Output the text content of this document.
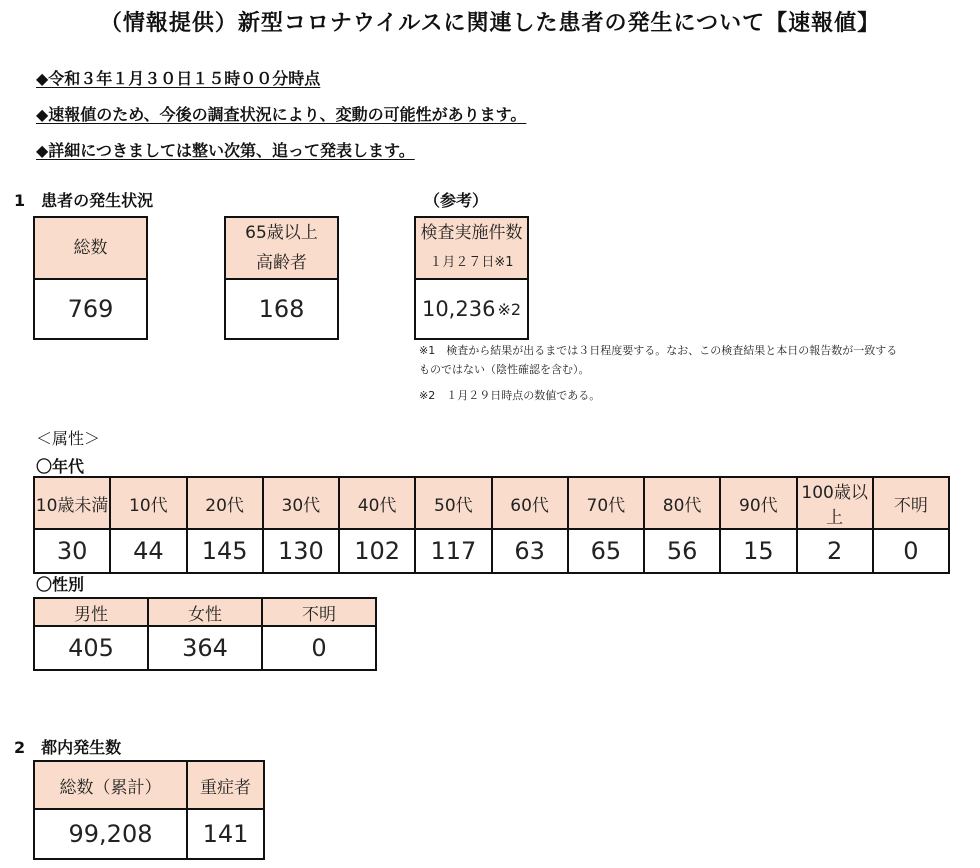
（情報提供）新型コロナウイルスに関連した患者の発生について【速報値】
◆令和３年１月３０日１５時００分時点
◆速報値のため、今後の調査状況により、変動の可能性があります。
◆詳細につきましては整い次第、追って発表します。
1　患者の発生状況	（参考）
総数
769
65歳以上
高齢者
168
検査実施件数
１月２７日※1
10,236 ※2
※1　検査から結果が出るまでは３日程度要する。なお、この検査結果と本日の報告数が一致する
ものではない（陰性確認を含む）。
※2　１月２９日時点の数値である。
＜属性＞
〇年代
10歳未満	10代	20代	30代	40代	50代	60代	70代	80代	90代	100歳以上	不明
30	44	145	130	102	117	63	65	56	15	2	0
〇性別
男性	女性	不明
405	364	0
2　都内発生数
総数（累計）	重症者
99,208	141
